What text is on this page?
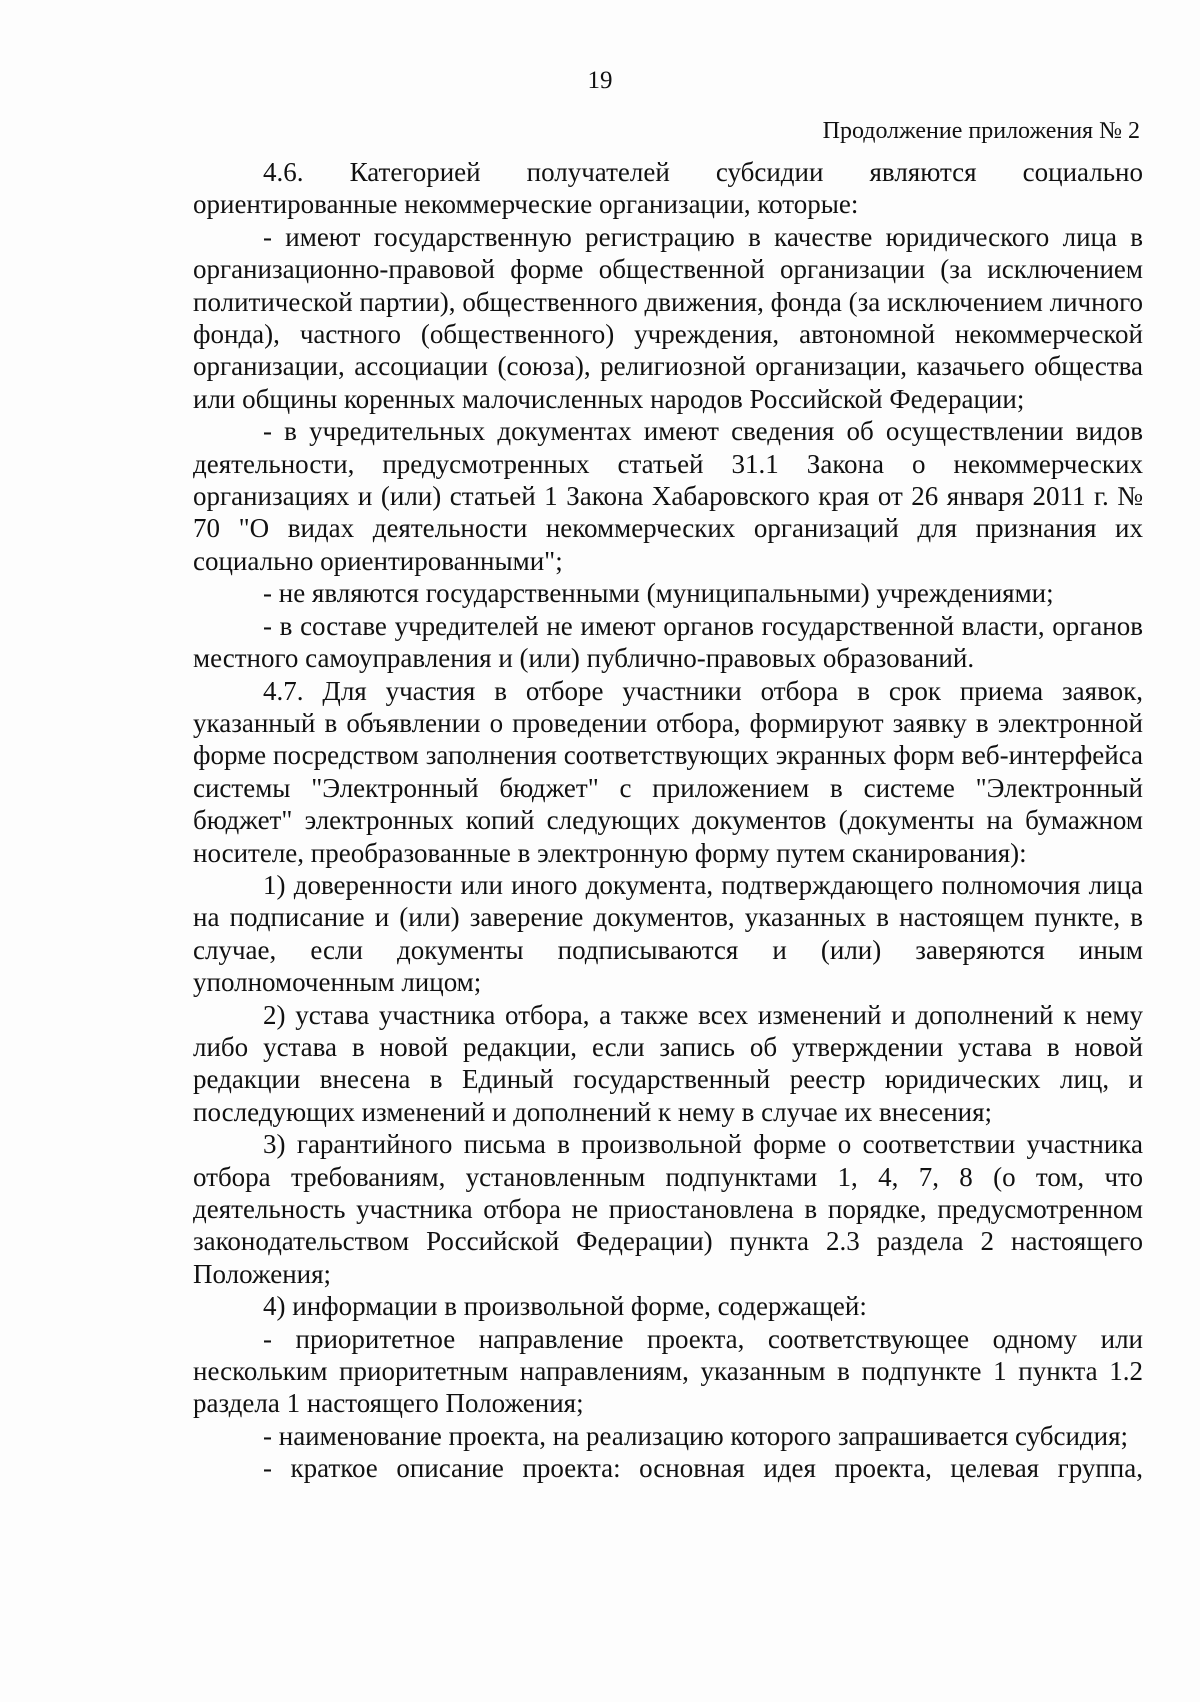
19
Продолжение приложения № 2

4.6. Категорией получателей субсидии являются социально ориентированные некоммерческие организации, которые:

- имеют государственную регистрацию в качестве юридического лица в организационно-правовой форме общественной организации (за исключением политической партии), общественного движения, фонда (за исключением личного фонда), частного (общественного) учреждения, автономной некоммерческой организации, ассоциации (союза), религиозной организации, казачьего общества или общины коренных малочисленных народов Российской Федерации;

- в учредительных документах имеют сведения об осуществлении видов деятельности, предусмотренных статьей 31.1 Закона о некоммерческих организациях и (или) статьей 1 Закона Хабаровского края от 26 января 2011 г. № 70 "О видах деятельности некоммерческих организаций для признания их социально ориентированными";

- не являются государственными (муниципальными) учреждениями;

- в составе учредителей не имеют органов государственной власти, органов местного самоуправления и (или) публично-правовых образований.

4.7. Для участия в отборе участники отбора в срок приема заявок, указанный в объявлении о проведении отбора, формируют заявку в электронной форме посредством заполнения соответствующих экранных форм веб-интерфейса системы "Электронный бюджет" с приложением в системе "Электронный бюджет" электронных копий следующих документов (документы на бумажном носителе, преобразованные в электронную форму путем сканирования):

1) доверенности или иного документа, подтверждающего полномочия лица на подписание и (или) заверение документов, указанных в настоящем пункте, в случае, если документы подписываются и (или) заверяются иным уполномоченным лицом;

2) устава участника отбора, а также всех изменений и дополнений к нему либо устава в новой редакции, если запись об утверждении устава в новой редакции внесена в Единый государственный реестр юридических лиц, и последующих изменений и дополнений к нему в случае их внесения;

3) гарантийного письма в произвольной форме о соответствии участника отбора требованиям, установленным подпунктами 1, 4, 7, 8 (о том, что деятельность участника отбора не приостановлена в порядке, предусмотренном законодательством Российской Федерации) пункта 2.3 раздела 2 настоящего Положения;

4) информации в произвольной форме, содержащей:

- приоритетное направление проекта, соответствующее одному или нескольким приоритетным направлениям, указанным в подпункте 1 пункта 1.2 раздела 1 настоящего Положения;

- наименование проекта, на реализацию которого запрашивается субсидия;

- краткое описание проекта: основная идея проекта, целевая группа,
